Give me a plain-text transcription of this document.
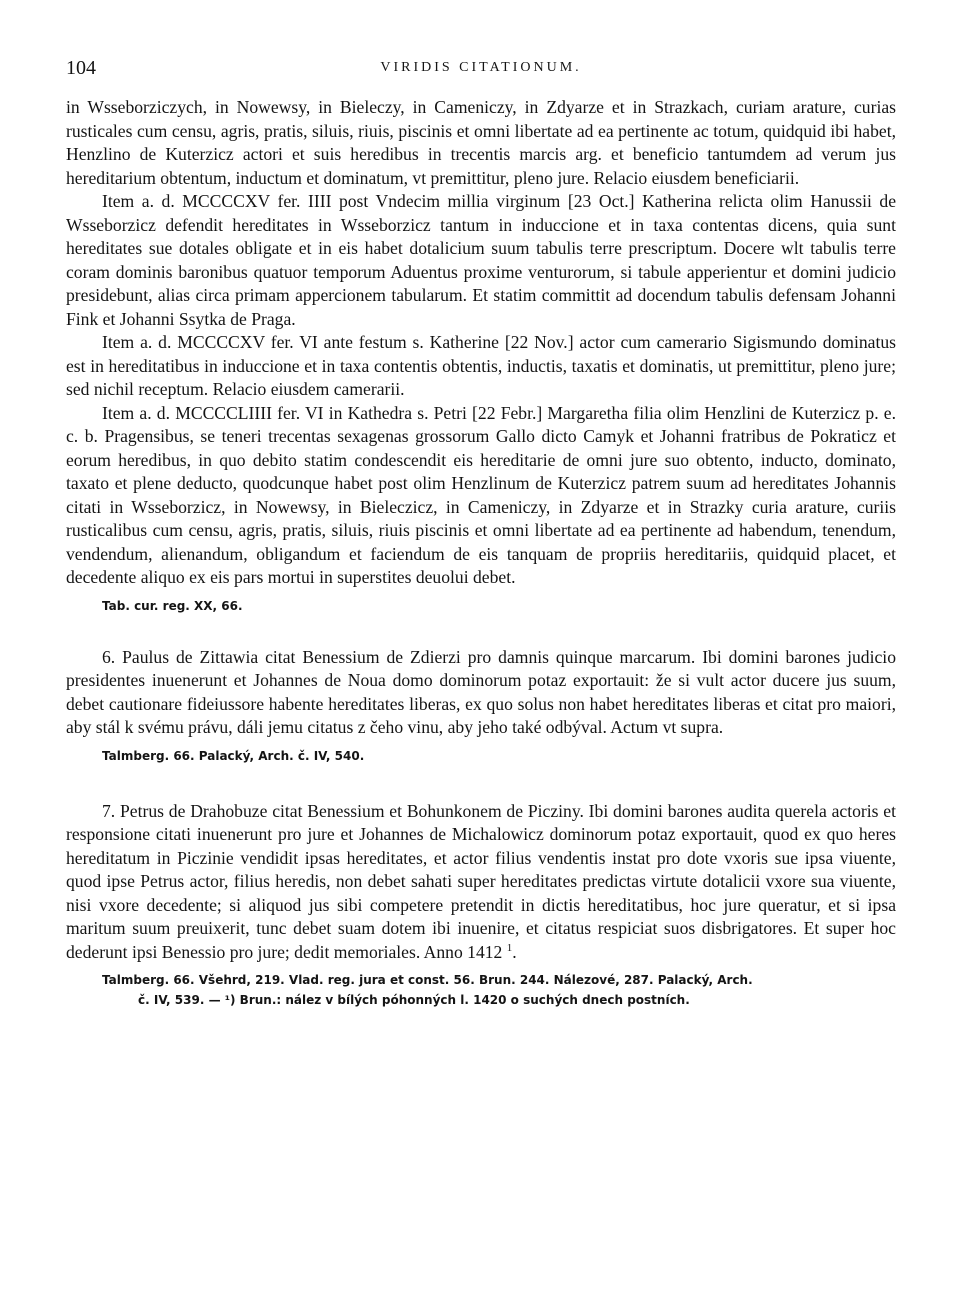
104	VIRIDIS CITATIONUM.

in Wsseborziczych, in Nowewsy, in Bieleczy, in Cameniczy, in Zdyarze et in Strazkach, curiam arature, curias rusticales cum censu, agris, pratis, siluis, riuis, piscinis et omni libertate ad ea pertinente ac totum, quidquid ibi habet, Henzlino de Kuterzicz actori et suis heredibus in trecentis marcis arg. et beneficio tantumdem ad verum jus hereditarium obtentum, inductum et dominatum, vt premittitur, pleno jure. Relacio eiusdem beneficiarii.

Item a. d. MCCCCXV fer. IIII post Vndecim millia virginum [23 Oct.] Katherina relicta olim Hanussii de Wsseborzicz defendit hereditates in Wsseborzicz tantum in induccione et in taxa contentas dicens, quia sunt hereditates sue dotales obligate et in eis habet dotalicium suum tabulis terre prescriptum. Docere wlt tabulis terre coram dominis baronibus quatuor temporum Aduentus proxime venturorum, si tabule apperientur et domini judicio presidebunt, alias circa primam appercionem tabularum. Et statim committit ad docendum tabulis defensam Johanni Fink et Johanni Ssytka de Praga.

Item a. d. MCCCCXV fer. VI ante festum s. Katherine [22 Nov.] actor cum camerario Sigismundo dominatus est in hereditatibus in induccione et in taxa contentis obtentis, inductis, taxatis et dominatis, ut premittitur, pleno jure; sed nichil receptum. Relacio eiusdem camerarii.

Item a. d. MCCCCLIIII fer. VI in Kathedra s. Petri [22 Febr.] Margaretha filia olim Henzlini de Kuterzicz p. e. c. b. Pragensibus, se teneri trecentas sexagenas grossorum Gallo dicto Camyk et Johanni fratribus de Pokraticz et eorum heredibus, in quo debito statim condescendit eis hereditarie de omni jure suo obtento, inducto, dominato, taxato et plene deducto, quodcunque habet post olim Henzlinum de Kuterzicz patrem suum ad hereditates Johannis citati in Wsseborzicz, in Nowewsy, in Bieleczicz, in Cameniczy, in Zdyarze et in Strazky curia arature, curiis rusticalibus cum censu, agris, pratis, siluis, riuis piscinis et omni libertate ad ea pertinente ad habendum, tenendum, vendendum, alienandum, obligandum et faciendum de eis tanquam de propriis hereditariis, quidquid placet, et decedente aliquo ex eis pars mortui in superstites deuolui debet.

Tab. cur. reg. XX, 66.

6. Paulus de Zittawia citat Benessium de Zdierzi pro damnis quinque marcarum. Ibi domini barones judicio presidentes inuenerunt et Johannes de Noua domo dominorum potaz exportauit: že si vult actor ducere jus suum, debet cautionare fideiussore habente hereditates liberas, ex quo solus non habet hereditates liberas et citat pro maiori, aby stál k svému právu, dáli jemu citatus z čeho vinu, aby jeho také odbýval. Actum vt supra.

Talmberg. 66. Palacký, Arch. č. IV, 540.

7. Petrus de Drahobuze citat Benessium et Bohunkonem de Picziny. Ibi domini barones audita querela actoris et responsione citati inuenerunt pro jure et Johannes de Michalowicz dominorum potaz exportauit, quod ex quo heres hereditatum in Piczinie vendidit ipsas hereditates, et actor filius vendentis instat pro dote vxoris sue ipsa viuente, quod ipse Petrus actor, filius heredis, non debet sahati super hereditates predictas virtute dotalicii vxore sua viuente, nisi vxore decedente; si aliquod jus sibi competere pretendit in dictis hereditatibus, hoc jure queratur, et si ipsa maritum suum preuixerit, tunc debet suam dotem ibi inuenire, et citatus respiciat suos disbrigatores. Et super hoc dederunt ipsi Benessio pro jure; dedit memoriales. Anno 1412 $^1$.

Talmberg. 66. Všehrd, 219. Vlad. reg. jura et const. 56. Brun. 244. Nálezové, 287. Palacký, Arch.
č. IV, 539. — ¹) Brun.: nález v bílých póhonných l. 1420 o suchých dnech postních.
